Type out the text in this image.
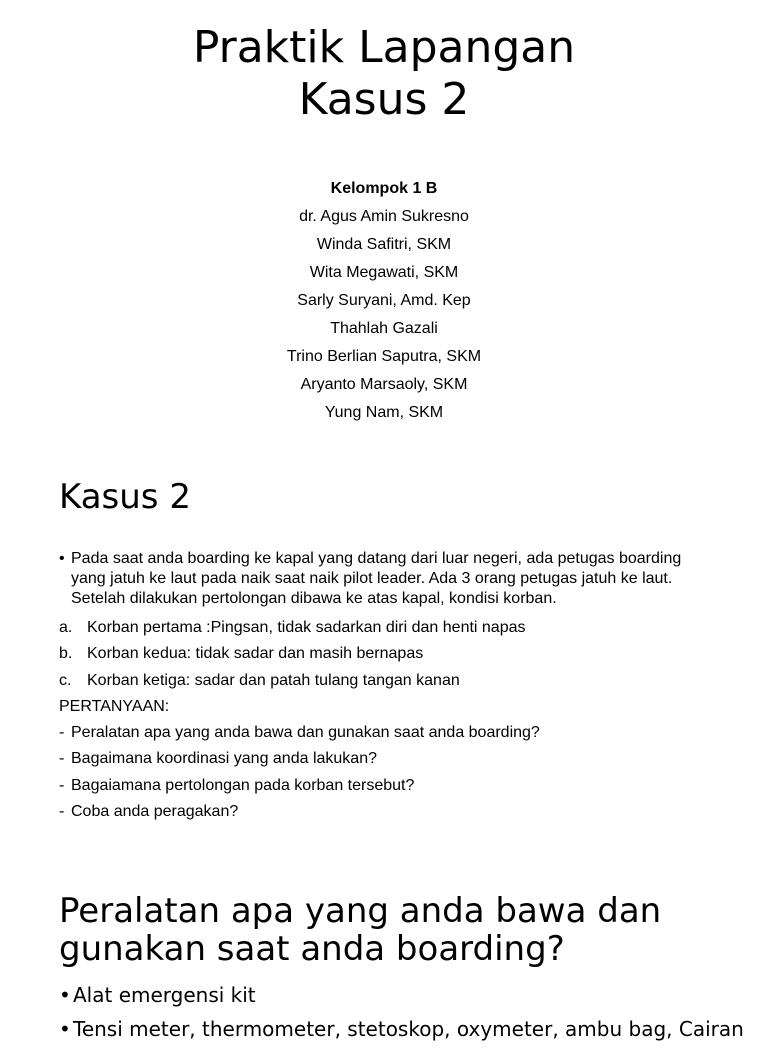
Praktik Lapangan
Kasus 2

Kelompok 1 B

dr. Agus Amin Sukresno
Winda Safitri, SKM
Wita Megawati, SKM
Sarly Suryani, Amd. Kep
Thahlah Gazali
Trino Berlian Saputra, SKM
Aryanto Marsaoly, SKM
Yung Nam, SKM
Kasus 2

• Pada saat anda boarding ke kapal yang datang dari luar negeri, ada petugas boarding yang jatuh ke laut pada naik saat naik pilot leader. Ada 3 orang petugas jatuh ke laut. Setelah dilakukan pertolongan dibawa ke atas kapal, kondisi korban.

a. Korban pertama :Pingsan, tidak sadarkan diri dan henti napas
b. Korban kedua: tidak sadar dan masih bernapas
c. Korban ketiga: sadar dan patah tulang tangan kanan

PERTANYAAN:

- Peralatan apa yang anda bawa dan gunakan saat anda boarding?
- Bagaimana koordinasi yang anda lakukan?
- Bagaiamana pertolongan pada korban tersebut?
- Coba anda peragakan?
Peralatan apa yang anda bawa dan gunakan saat anda boarding?
• Alat emergensi kit
• Tensi meter, thermometer, stetoskop, oxymeter, ambu bag, Cairan
